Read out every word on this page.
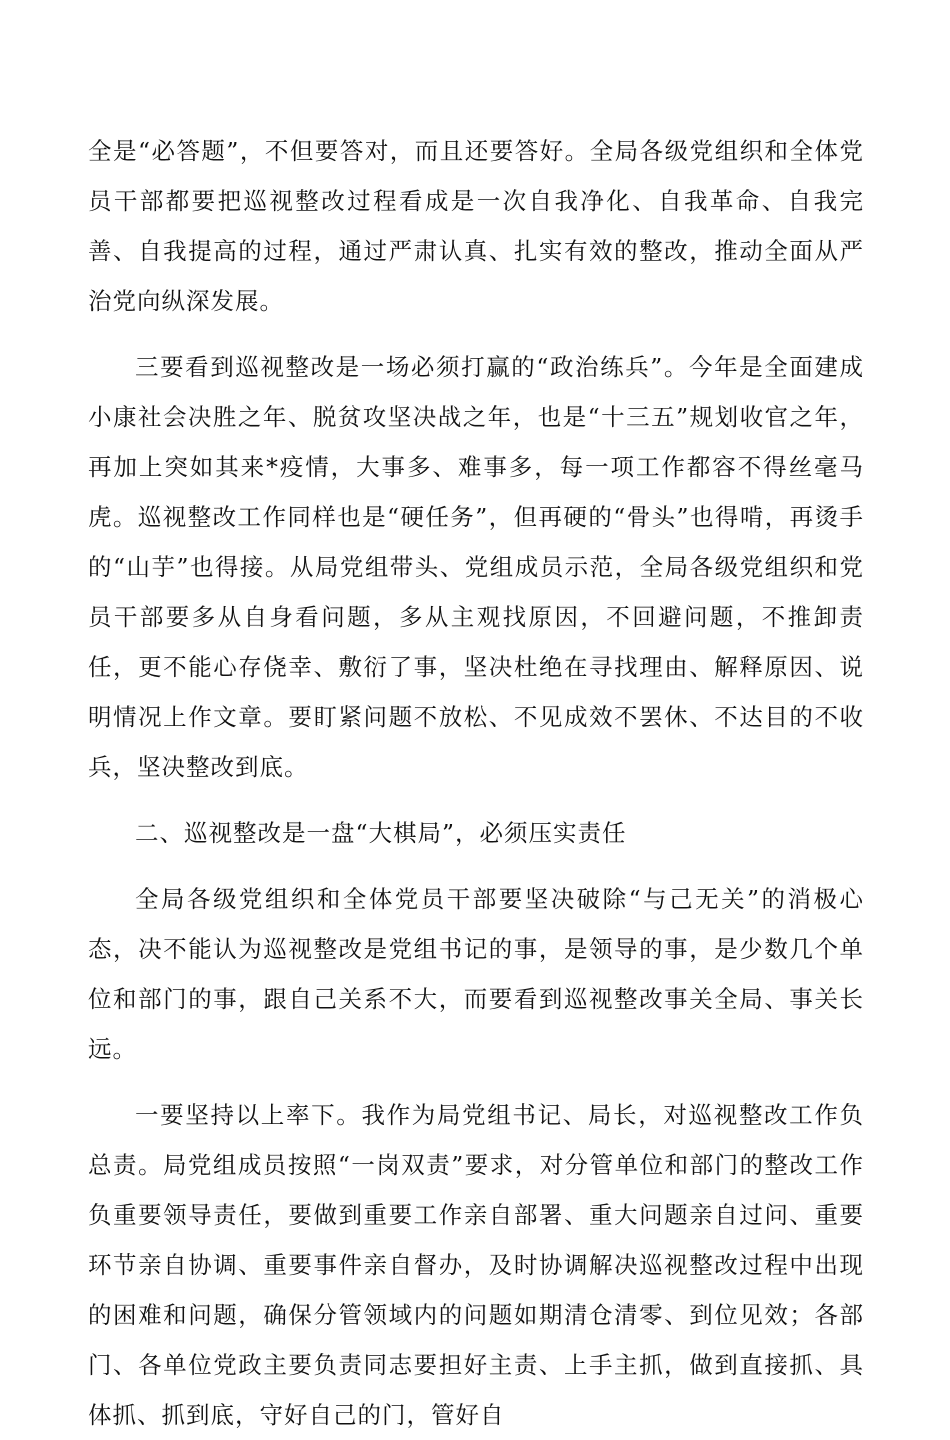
全是“必答题”，不但要答对，而且还要答好。全局各级党组织和全体党员干部都要把巡视整改过程看成是一次自我净化、自我革命、自我完善、自我提高的过程，通过严肃认真、扎实有效的整改，推动全面从严治党向纵深发展。

三要看到巡视整改是一场必须打赢的“政治练兵”。今年是全面建成小康社会决胜之年、脱贫攻坚决战之年，也是“十三五”规划收官之年，再加上突如其来*疫情，大事多、难事多，每一项工作都容不得丝毫马虎。巡视整改工作同样也是“硬任务”，但再硬的“骨头”也得啃，再烫手的“山芋”也得接。从局党组带头、党组成员示范，全局各级党组织和党员干部要多从自身看问题，多从主观找原因，不回避问题，不推卸责任，更不能心存侥幸、敷衍了事，坚决杜绝在寻找理由、解释原因、说明情况上作文章。要盯紧问题不放松、不见成效不罢休、不达目的不收兵，坚决整改到底。

二、巡视整改是一盘“大棋局”，必须压实责任

全局各级党组织和全体党员干部要坚决破除“与己无关”的消极心态，决不能认为巡视整改是党组书记的事，是领导的事，是少数几个单位和部门的事，跟自己关系不大，而要看到巡视整改事关全局、事关长远。

一要坚持以上率下。我作为局党组书记、局长，对巡视整改工作负总责。局党组成员按照“一岗双责”要求，对分管单位和部门的整改工作负重要领导责任，要做到重要工作亲自部署、重大问题亲自过问、重要环节亲自协调、重要事件亲自督办，及时协调解决巡视整改过程中出现的困难和问题，确保分管领域内的问题如期清仓清零、到位见效；各部门、各单位党政主要负责同志要担好主责、上手主抓，做到直接抓、具体抓、抓到底，守好自己的门，管好自
